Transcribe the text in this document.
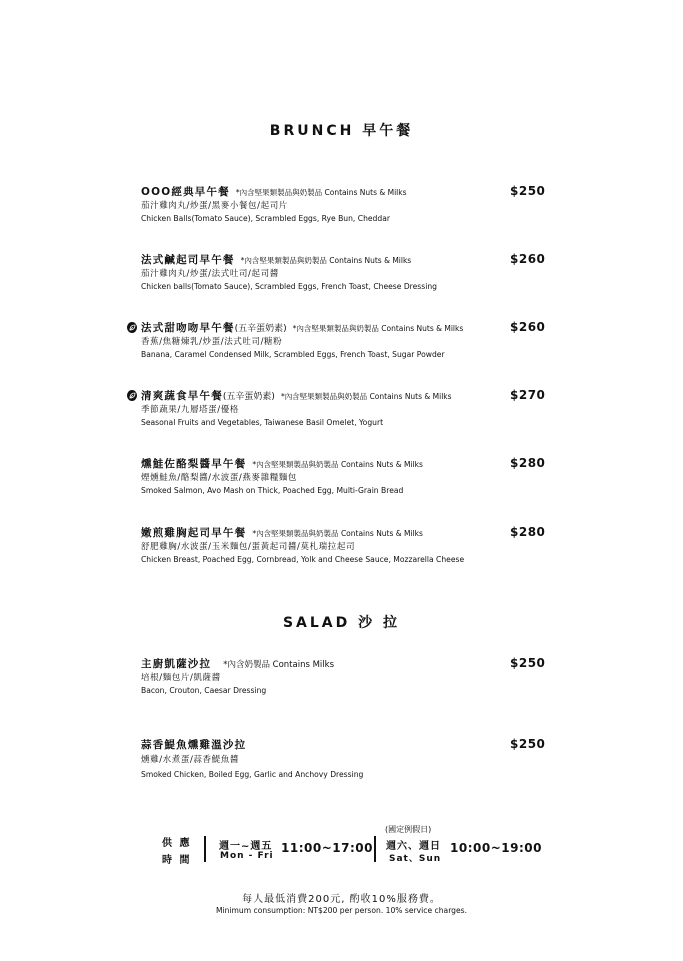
BRUNCH 早午餐
OOO經典早午餐 *內含堅果類製品與奶製品 Contains Nuts & Milks
茄汁雞肉丸/炒蛋/黑麥小餐包/起司片
Chicken Balls(Tomato Sauce), Scrambled Eggs, Rye Bun, Cheddar
$250
法式鹹起司早午餐 *內含堅果類製品與奶製品 Contains Nuts & Milks
茄汁雞肉丸/炒蛋/法式吐司/起司醬
Chicken balls(Tomato Sauce), Scrambled Eggs, French Toast, Cheese Dressing
$260
法式甜吻吻早午餐(五辛蛋奶素) *內含堅果類製品與奶製品 Contains Nuts & Milks
香蕉/焦糖煉乳/炒蛋/法式吐司/糖粉
Banana, Caramel Condensed Milk, Scrambled Eggs, French Toast, Sugar Powder
$260
清爽蔬食早午餐(五辛蛋奶素) *內含堅果類製品與奶製品 Contains Nuts & Milks
季節蔬果/九層塔蛋/優格
Seasonal Fruits and Vegetables, Taiwanese Basil Omelet, Yogurt
$270
燻鮭佐酪梨醬早午餐 *內含堅果類製品與奶製品 Contains Nuts & Milks
煙燻鮭魚/酪梨醬/水波蛋/燕麥雜糧麵包
Smoked Salmon, Avo Mash on Thick, Poached Egg, Multi-Grain Bread
$280
嫩煎雞胸起司早午餐 *內含堅果類製品與奶製品 Contains Nuts & Milks
舒肥雞胸/水波蛋/玉米麵包/蛋黃起司醬/莫札瑞拉起司
Chicken Breast, Poached Egg, Cornbread, Yolk and Cheese Sauce, Mozzarella Cheese
$280
SALAD 沙 拉
主廚凱薩沙拉 *內含奶製品 Contains Milks
培根/麵包片/凱薩醬
Bacon, Crouton, Caesar Dressing
$250
蒜香鯷魚燻雞溫沙拉
燻雞/水煮蛋/蒜香鯷魚醬
Smoked Chicken, Boiled Egg, Garlic and Anchovy Dressing
$250
供 應
時 間
週一~週五
Mon - Fri
11:00~17:00
(國定例假日)
週六、週日
Sat、Sun
10:00~19:00
每人最低消費200元, 酌收10%服務費。
Minimum consumption: NT$200 per person. 10% service charges.
